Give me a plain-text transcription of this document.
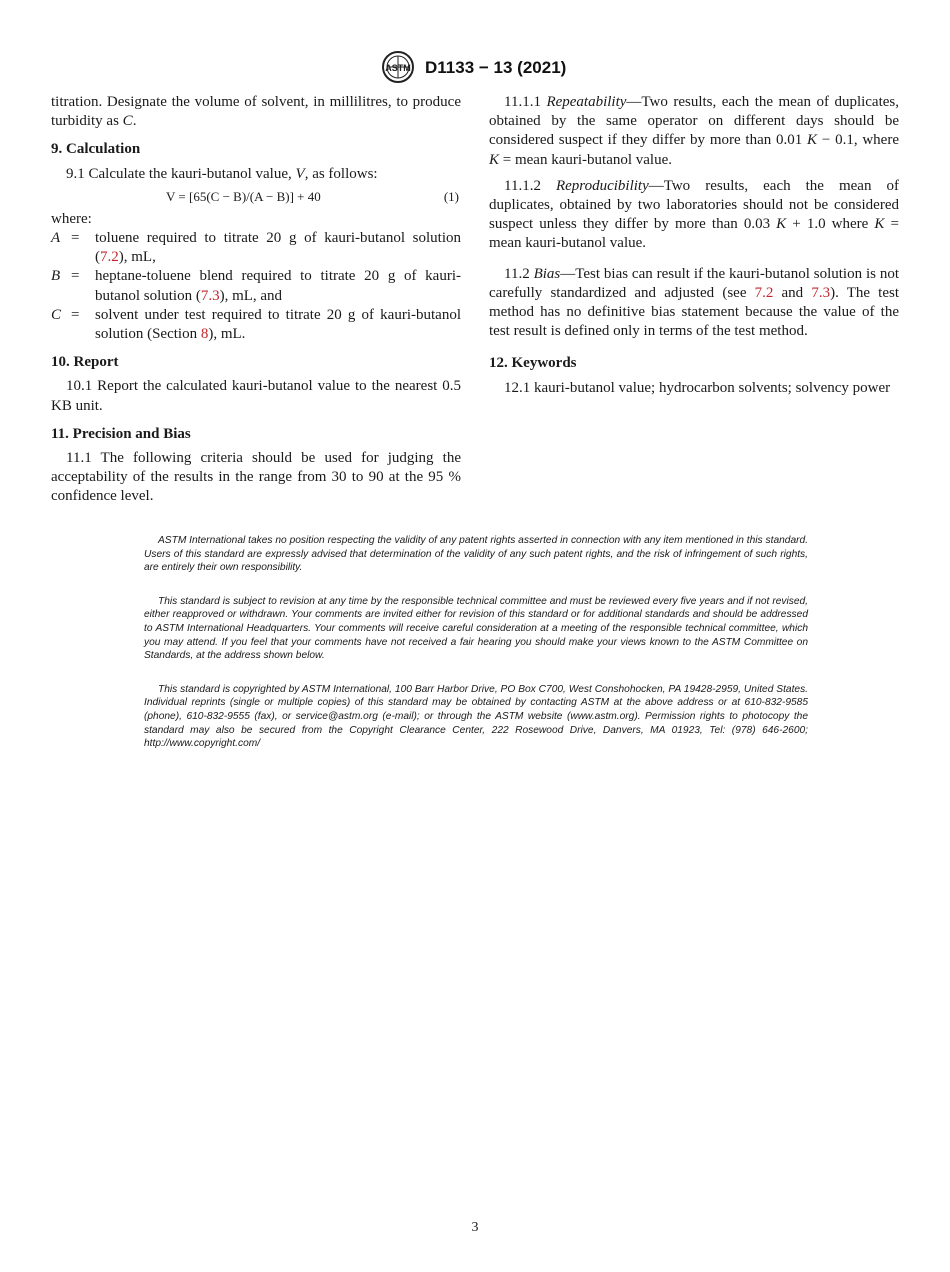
ASTM D1133 − 13 (2021)

titration. Designate the volume of solvent, in millilitres, to produce turbidity as C.

9. Calculation

9.1 Calculate the kauri-butanol value, V, as follows:

V = [65(C − B)/(A − B)] + 40	(1)

where:

A =	toluene required to titrate 20 g of kauri-butanol solution (7.2), mL,
B =	heptane-toluene blend required to titrate 20 g of kauri-butanol solution (7.3), mL, and
C =	solvent under test required to titrate 20 g of kauri-butanol solution (Section 8), mL.

10. Report

10.1 Report the calculated kauri-butanol value to the nearest 0.5 KB unit.

11. Precision and Bias

11.1 The following criteria should be used for judging the acceptability of the results in the range from 30 to 90 at the 95 % confidence level.

11.1.1 Repeatability—Two results, each the mean of duplicates, obtained by the same operator on different days should be considered suspect if they differ by more than 0.01 K − 0.1, where K = mean kauri-butanol value.

11.1.2 Reproducibility—Two results, each the mean of duplicates, obtained by two laboratories should not be considered suspect unless they differ by more than 0.03 K + 1.0 where K = mean kauri-butanol value.

11.2 Bias—Test bias can result if the kauri-butanol solution is not carefully standardized and adjusted (see 7.2 and 7.3). The test method has no definitive bias statement because the value of the test result is defined only in terms of the test method.

12. Keywords

12.1 kauri-butanol value; hydrocarbon solvents; solvency power

ASTM International takes no position respecting the validity of any patent rights asserted in connection with any item mentioned in this standard. Users of this standard are expressly advised that determination of the validity of any such patent rights, and the risk of infringement of such rights, are entirely their own responsibility.

This standard is subject to revision at any time by the responsible technical committee and must be reviewed every five years and if not revised, either reapproved or withdrawn. Your comments are invited either for revision of this standard or for additional standards and should be addressed to ASTM International Headquarters. Your comments will receive careful consideration at a meeting of the responsible technical committee, which you may attend. If you feel that your comments have not received a fair hearing you should make your views known to the ASTM Committee on Standards, at the address shown below.

This standard is copyrighted by ASTM International, 100 Barr Harbor Drive, PO Box C700, West Conshohocken, PA 19428-2959, United States. Individual reprints (single or multiple copies) of this standard may be obtained by contacting ASTM at the above address or at 610-832-9585 (phone), 610-832-9555 (fax), or service@astm.org (e-mail); or through the ASTM website (www.astm.org). Permission rights to photocopy the standard may also be secured from the Copyright Clearance Center, 222 Rosewood Drive, Danvers, MA 01923, Tel: (978) 646-2600; http://www.copyright.com/

3
